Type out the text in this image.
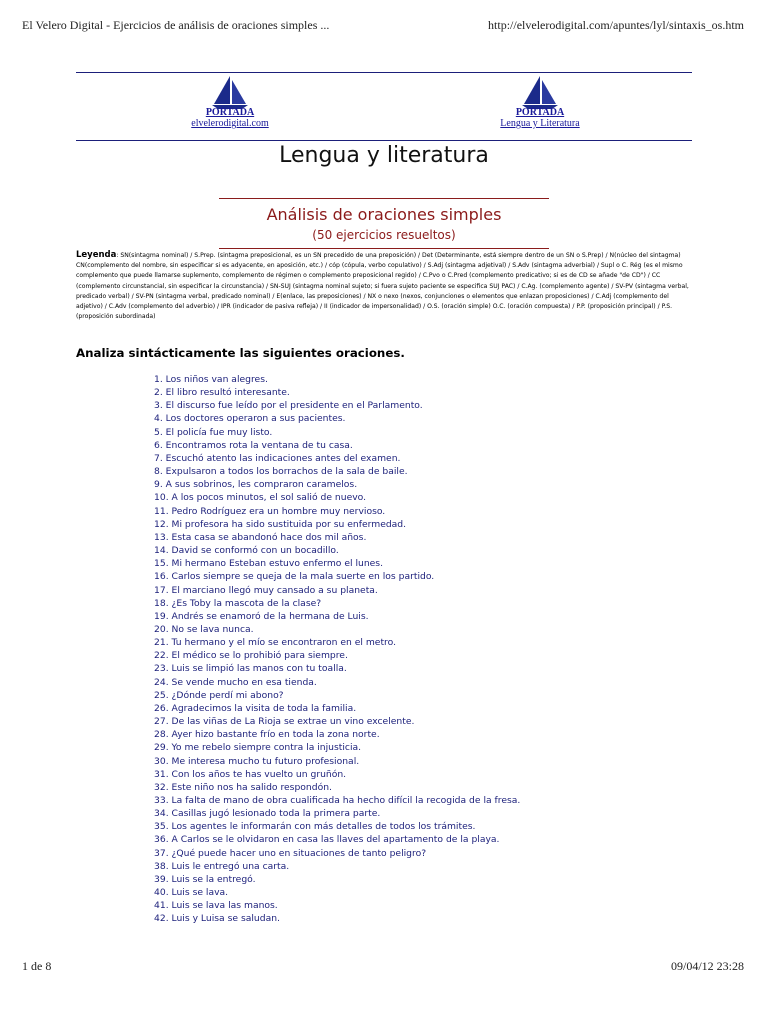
El Velero Digital - Ejercicios de análisis de oraciones simples ...	http://elvelerodigital.com/apuntes/lyl/sintaxis_os.htm
PORTADA
elvelerodigital.com
PORTADA
Lengua y Literatura
Lengua y literatura
Análisis de oraciones simples
(50 ejercicios resueltos)
Leyenda: SN(sintagma nominal) / S.Prep. (sintagma preposicional, es un SN precedido de una preposición) / Det (Determinante, está siempre dentro de un SN o S.Prep) / N(núcleo del sintagma) CN(complemento del nombre, sin especificar si es adyacente, en aposición, etc.) / cóp (cópula, verbo copulativo) / S.Adj (sintagma adjetival) / S.Adv (sintagma adverbial) / Supl o C. Rég (es el mismo complemento que puede llamarse suplemento, complemento de régimen o complemento preposicional regido) / C.Pvo o C.Pred (complemento predicativo; si es de CD se añade "de CD") / CC (complemento circunstancial, sin especificar la circunstancia) / SN-SUJ (sintagma nominal sujeto; si fuera sujeto paciente se especifica SUJ PAC) / C.Ag. (complemento agente) / SV-PV (sintagma verbal, predicado verbal) / SV-PN (sintagma verbal, predicado nominal) / E(enlace, las preposiciones) / NX o nexo (nexos, conjunciones o elementos que enlazan proposiciones) / C.Adj (complemento del adjetivo) / C.Adv (complemento del adverbio) / IPR (indicador de pasiva refleja) / II (indicador de impersonalidad) / O.S. (oración simple) O.C. (oración compuesta) / P.P. (proposición principal) / P.S. (proposición subordinada)
Analiza sintácticamente las siguientes oraciones.
1. Los niños van alegres.
2. El libro resultó interesante.
3. El discurso fue leído por el presidente en el Parlamento.
4. Los doctores operaron a sus pacientes.
5. El policía fue muy listo.
6. Encontramos rota la ventana de tu casa.
7. Escuchó atento las indicaciones antes del examen.
8. Expulsaron a todos los borrachos de la sala de baile.
9. A sus sobrinos, les compraron caramelos.
10. A los pocos minutos, el sol salió de nuevo.
11. Pedro Rodríguez era un hombre muy nervioso.
12. Mi profesora ha sido sustituida por su enfermedad.
13. Esta casa se abandonó hace dos mil años.
14. David se conformó con un bocadillo.
15. Mi hermano Esteban estuvo enfermo el lunes.
16. Carlos siempre se queja de la mala suerte en los partido.
17. El marciano llegó muy cansado a su planeta.
18. ¿Es Toby la mascota de la clase?
19. Andrés se enamoró de la hermana de Luis.
20. No se lava nunca.
21. Tu hermano y el mío se encontraron en el metro.
22. El médico se lo prohibió para siempre.
23. Luis se limpió las manos con tu toalla.
24. Se vende mucho en esa tienda.
25. ¿Dónde perdí mi abono?
26. Agradecimos la visita de toda la familia.
27. De las viñas de La Rioja se extrae un vino excelente.
28. Ayer hizo bastante frío en toda la zona norte.
29. Yo me rebelo siempre contra la injusticia.
30. Me interesa mucho tu futuro profesional.
31. Con los años te has vuelto un gruñón.
32. Este niño nos ha salido respondón.
33. La falta de mano de obra cualificada ha hecho difícil la recogida de la fresa.
34. Casillas jugó lesionado toda la primera parte.
35. Los agentes le informarán con más detalles de todos los trámites.
36. A Carlos se le olvidaron en casa las llaves del apartamento de la playa.
37. ¿Qué puede hacer uno en situaciones de tanto peligro?
38. Luis le entregó una carta.
39. Luis se la entregó.
40. Luis se lava.
41. Luis se lava las manos.
42. Luis y Luisa se saludan.
1 de 8	09/04/12 23:28
